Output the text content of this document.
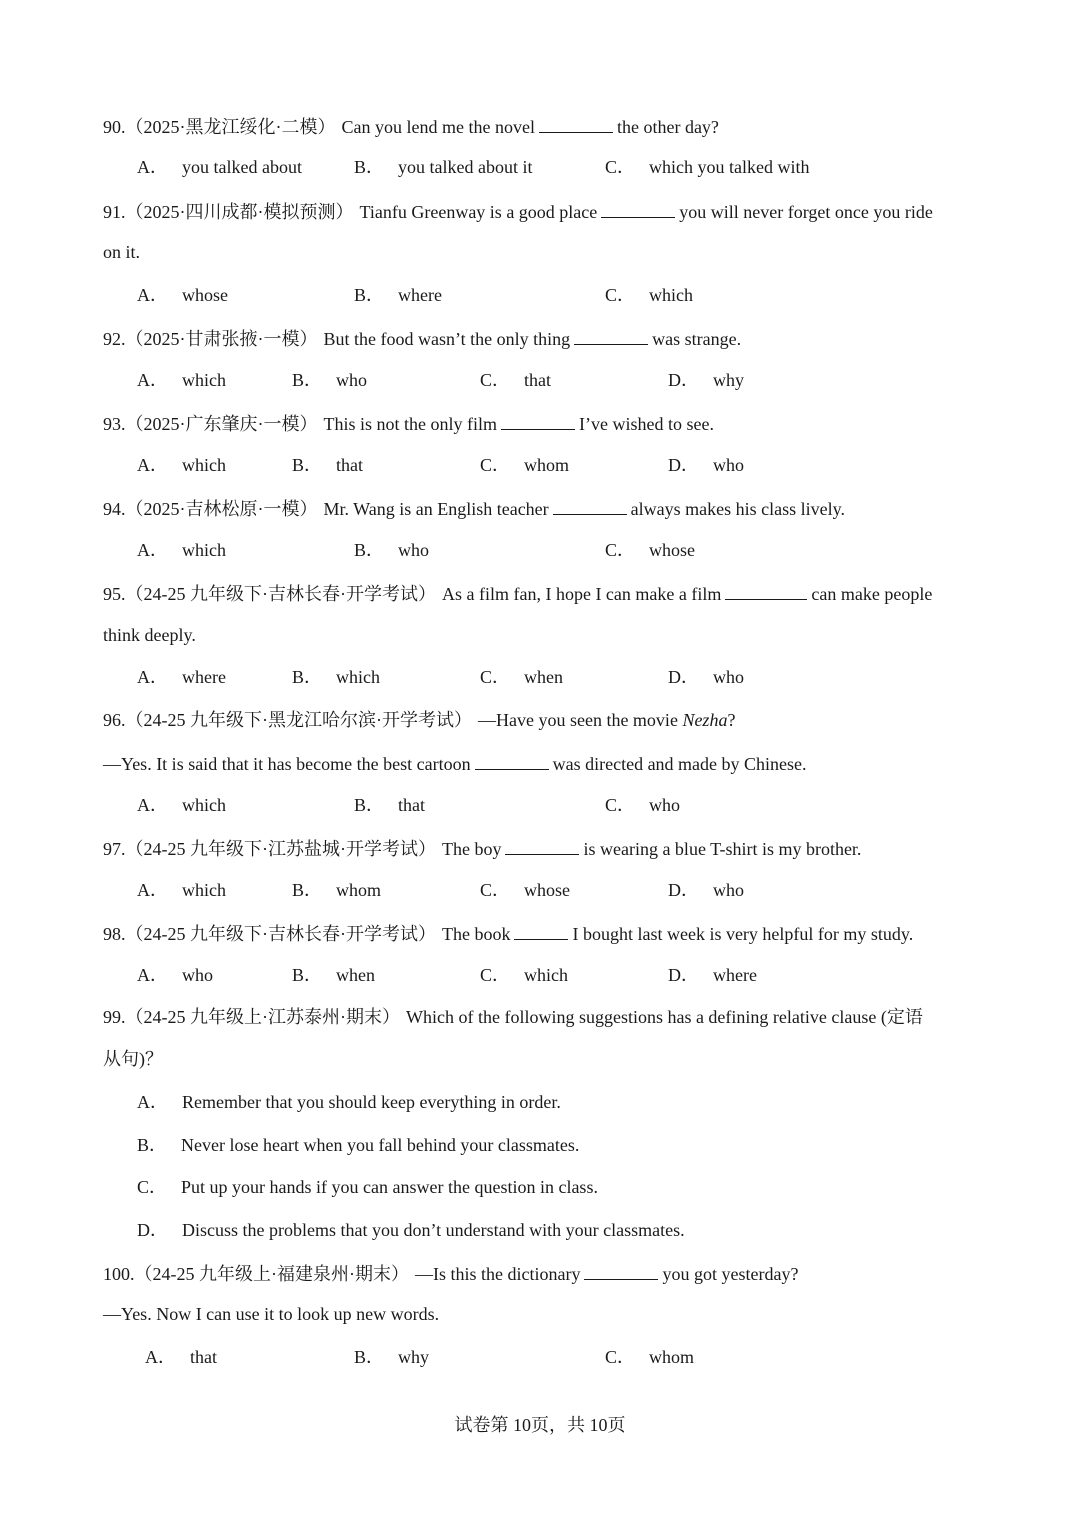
90.（2025·黑龙江绥化·二模） Can you lend me the novel	the other day?
A． you talked about	B． you talked about it	C． which you talked with
91.（2025·四川成都·模拟预测） Tianfu Greenway is a good place	you will never forget once you ride
on it.
A． whose	B． where	C． which
92.（2025·甘肃张掖·一模） But the food wasn’t the only thing	was strange.
A． which	B． who	C． that	D． why
93.（2025·广东肇庆·一模） This is not the only film	I’ve wished to see.
A． which	B． that	C． whom	D． who
94.（2025·吉林松原·一模） Mr. Wang is an English teacher	always makes his class lively.
A． which	B． who	C． whose
95.（24-25 九年级下·吉林长春·开学考试） As a film fan, I hope I can make a film	can make people
think deeply.
A． where	B． which	C． when	D． who
96.（24-25 九年级下·黑龙江哈尔滨·开学考试） —Have you seen the movie Nezha?
—Yes. It is said that it has become the best cartoon	was directed and made by Chinese.
A． which	B． that	C． who
97.（24-25 九年级下·江苏盐城·开学考试） The boy	is wearing a blue T-shirt is my brother.
A． which	B． whom	C． whose	D． who
98.（24-25 九年级下·吉林长春·开学考试） The book	I bought last week is very helpful for my study.
A． who	B． when	C． which	D． where
99.（24-25 九年级上·江苏泰州·期末） Which of the following suggestions has a defining relative clause (定语
从句)？
A． Remember that you should keep everything in order.
B． Never lose heart when you fall behind your classmates.
C． Put up your hands if you can answer the question in class.
D． Discuss the problems that you don’t understand with your classmates.
100.（24-25 九年级上·福建泉州·期末） —Is this the dictionary	you got yesterday?
—Yes. Now I can use it to look up new words.
A． that	B． why	C． whom
试卷第 10页，共 10页
